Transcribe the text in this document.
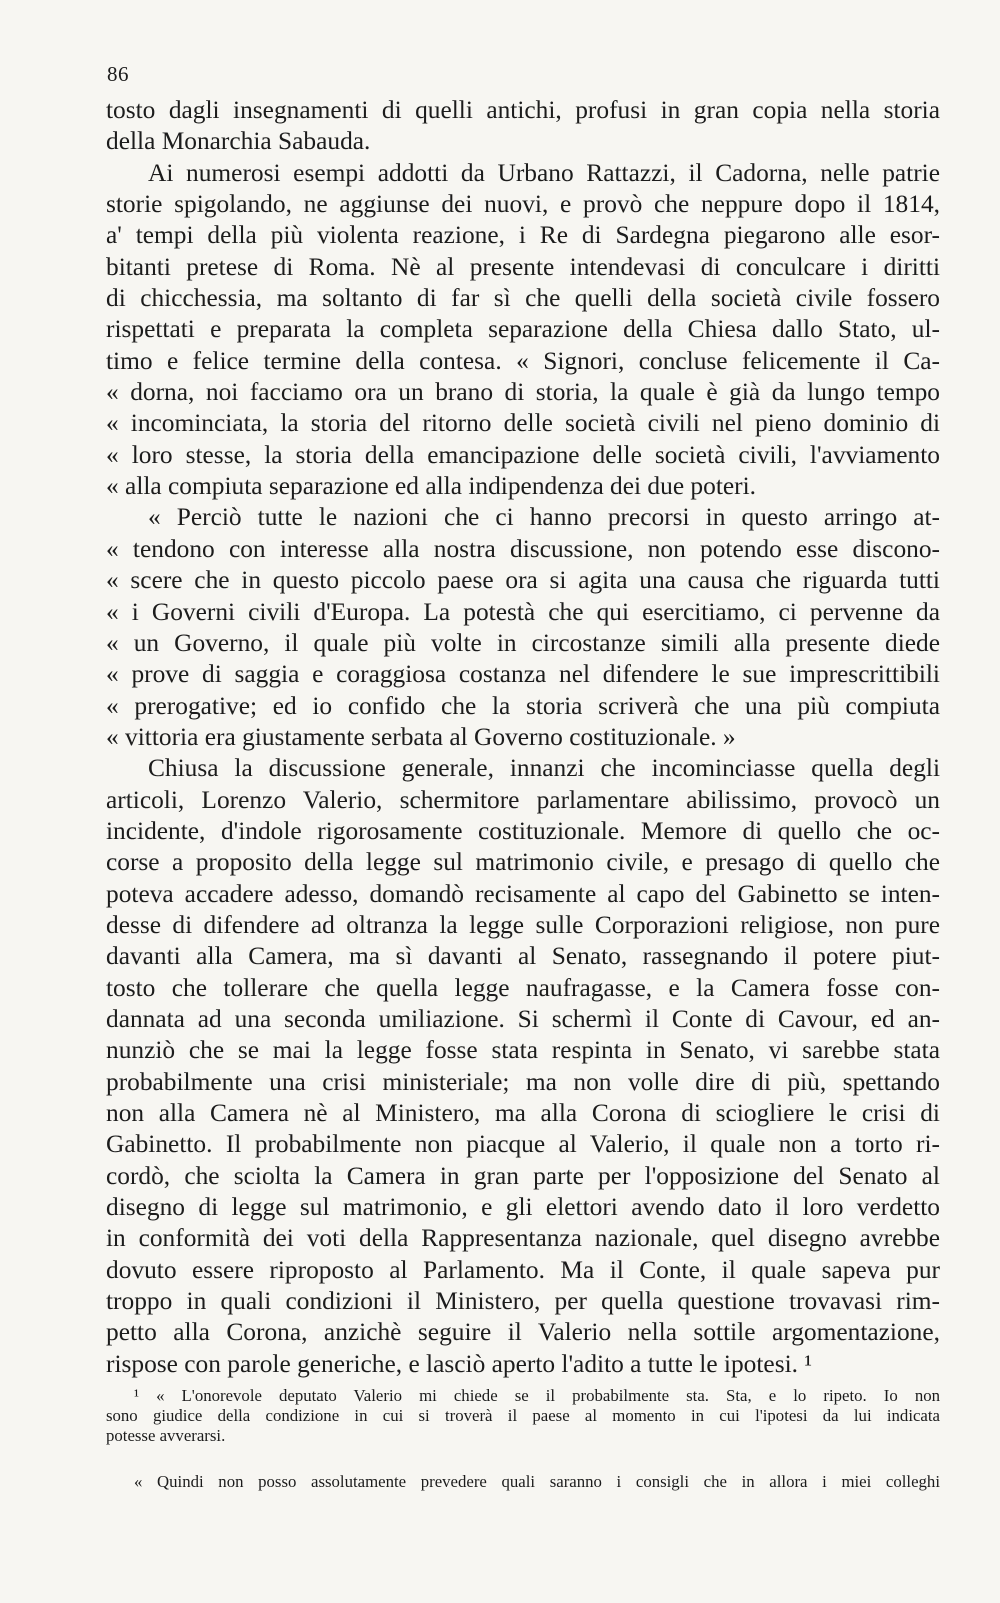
86
tosto dagli insegnamenti di quelli antichi, profusi in gran copia nella storia
della Monarchia Sabauda.
Ai numerosi esempi addotti da Urbano Rattazzi, il Cadorna, nelle patrie
storie spigolando, ne aggiunse dei nuovi, e provò che neppure dopo il 1814,
a' tempi della più violenta reazione, i Re di Sardegna piegarono alle esor-
bitanti pretese di Roma. Nè al presente intendevasi di conculcare i diritti
di chicchessia, ma soltanto di far sì che quelli della società civile fossero
rispettati e preparata la completa separazione della Chiesa dallo Stato, ul-
timo e felice termine della contesa. « Signori, concluse felicemente il Ca-
« dorna, noi facciamo ora un brano di storia, la quale è già da lungo tempo
« incominciata, la storia del ritorno delle società civili nel pieno dominio di
« loro stesse, la storia della emancipazione delle società civili, l'avviamento
« alla compiuta separazione ed alla indipendenza dei due poteri.
« Perciò tutte le nazioni che ci hanno precorsi in questo arringo at-
« tendono con interesse alla nostra discussione, non potendo esse discono-
« scere che in questo piccolo paese ora si agita una causa che riguarda tutti
« i Governi civili d'Europa. La potestà che qui esercitiamo, ci pervenne da
« un Governo, il quale più volte in circostanze simili alla presente diede
« prove di saggia e coraggiosa costanza nel difendere le sue imprescrittibili
« prerogative; ed io confido che la storia scriverà che una più compiuta
« vittoria era giustamente serbata al Governo costituzionale. »
Chiusa la discussione generale, innanzi che incominciasse quella degli
articoli, Lorenzo Valerio, schermitore parlamentare abilissimo, provocò un
incidente, d'indole rigorosamente costituzionale. Memore di quello che oc-
corse a proposito della legge sul matrimonio civile, e presago di quello che
poteva accadere adesso, domandò recisamente al capo del Gabinetto se inten-
desse di difendere ad oltranza la legge sulle Corporazioni religiose, non pure
davanti alla Camera, ma sì davanti al Senato, rassegnando il potere piut-
tosto che tollerare che quella legge naufragasse, e la Camera fosse con-
dannata ad una seconda umiliazione. Si schermì il Conte di Cavour, ed an-
nunziò che se mai la legge fosse stata respinta in Senato, vi sarebbe stata
probabilmente una crisi ministeriale; ma non volle dire di più, spettando
non alla Camera nè al Ministero, ma alla Corona di sciogliere le crisi di
Gabinetto. Il probabilmente non piacque al Valerio, il quale non a torto ri-
cordò, che sciolta la Camera in gran parte per l'opposizione del Senato al
disegno di legge sul matrimonio, e gli elettori avendo dato il loro verdetto
in conformità dei voti della Rappresentanza nazionale, quel disegno avrebbe
dovuto essere riproposto al Parlamento. Ma il Conte, il quale sapeva pur
troppo in quali condizioni il Ministero, per quella questione trovavasi rim-
petto alla Corona, anzichè seguire il Valerio nella sottile argomentazione,
rispose con parole generiche, e lasciò aperto l'adito a tutte le ipotesi. ¹
¹ « L'onorevole deputato Valerio mi chiede se il probabilmente sta. Sta, e lo ripeto. Io non
sono giudice della condizione in cui si troverà il paese al momento in cui l'ipotesi da lui indicata
potesse avverarsi.
« Quindi non posso assolutamente prevedere quali saranno i consigli che in allora i miei colleghi
